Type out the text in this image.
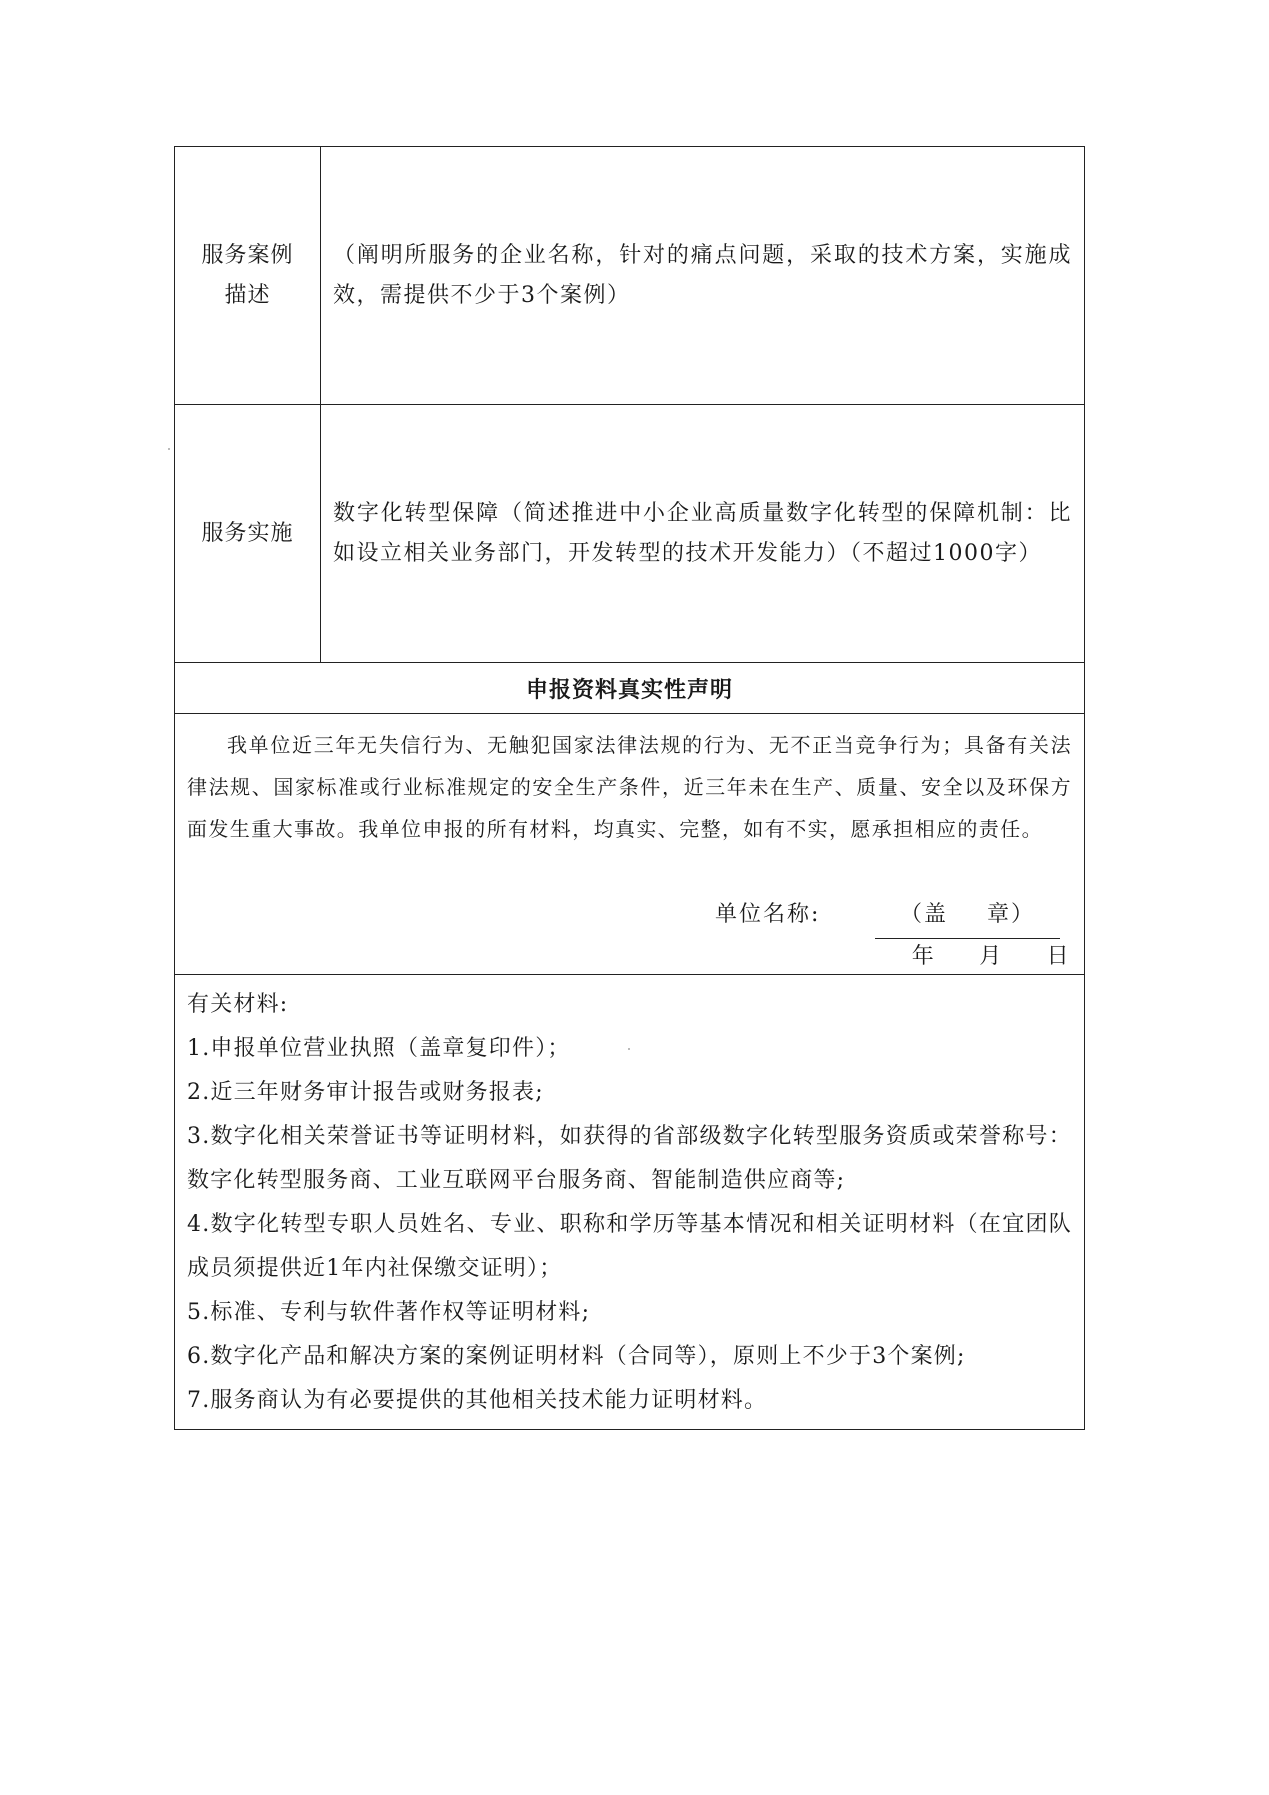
服务案例
描述
（阐明所服务的企业名称，针对的痛点问题，采取的技术方案，实施成效，需提供不少于3个案例）
服务实施
数字化转型保障（简述推进中小企业高质量数字化转型的保障机制：比如设立相关业务部门，开发转型的技术开发能力）（不超过1000字）
申报资料真实性声明

我单位近三年无失信行为、无触犯国家法律法规的行为、无不正当竞争行为；具备有关法律法规、国家标准或行业标准规定的安全生产条件，近三年未在生产、质量、安全以及环保方面发生重大事故。我单位申报的所有材料，均真实、完整，如有不实，愿承担相应的责任。

单位名称:	（盖 章）
年 月 日

有关材料:

1.申报单位营业执照（盖章复印件）；

2.近三年财务审计报告或财务报表;

3.数字化相关荣誉证书等证明材料，如获得的省部级数字化转型服务资质或荣誉称号：数字化转型服务商、工业互联网平台服务商、智能制造供应商等;

4.数字化转型专职人员姓名、专业、职称和学历等基本情况和相关证明材料（在宜团队成员须提供近1年内社保缴交证明）；

5.标准、专利与软件著作权等证明材料;

6.数字化产品和解决方案的案例证明材料（合同等），原则上不少于3个案例;

7.服务商认为有必要提供的其他相关技术能力证明材料。
